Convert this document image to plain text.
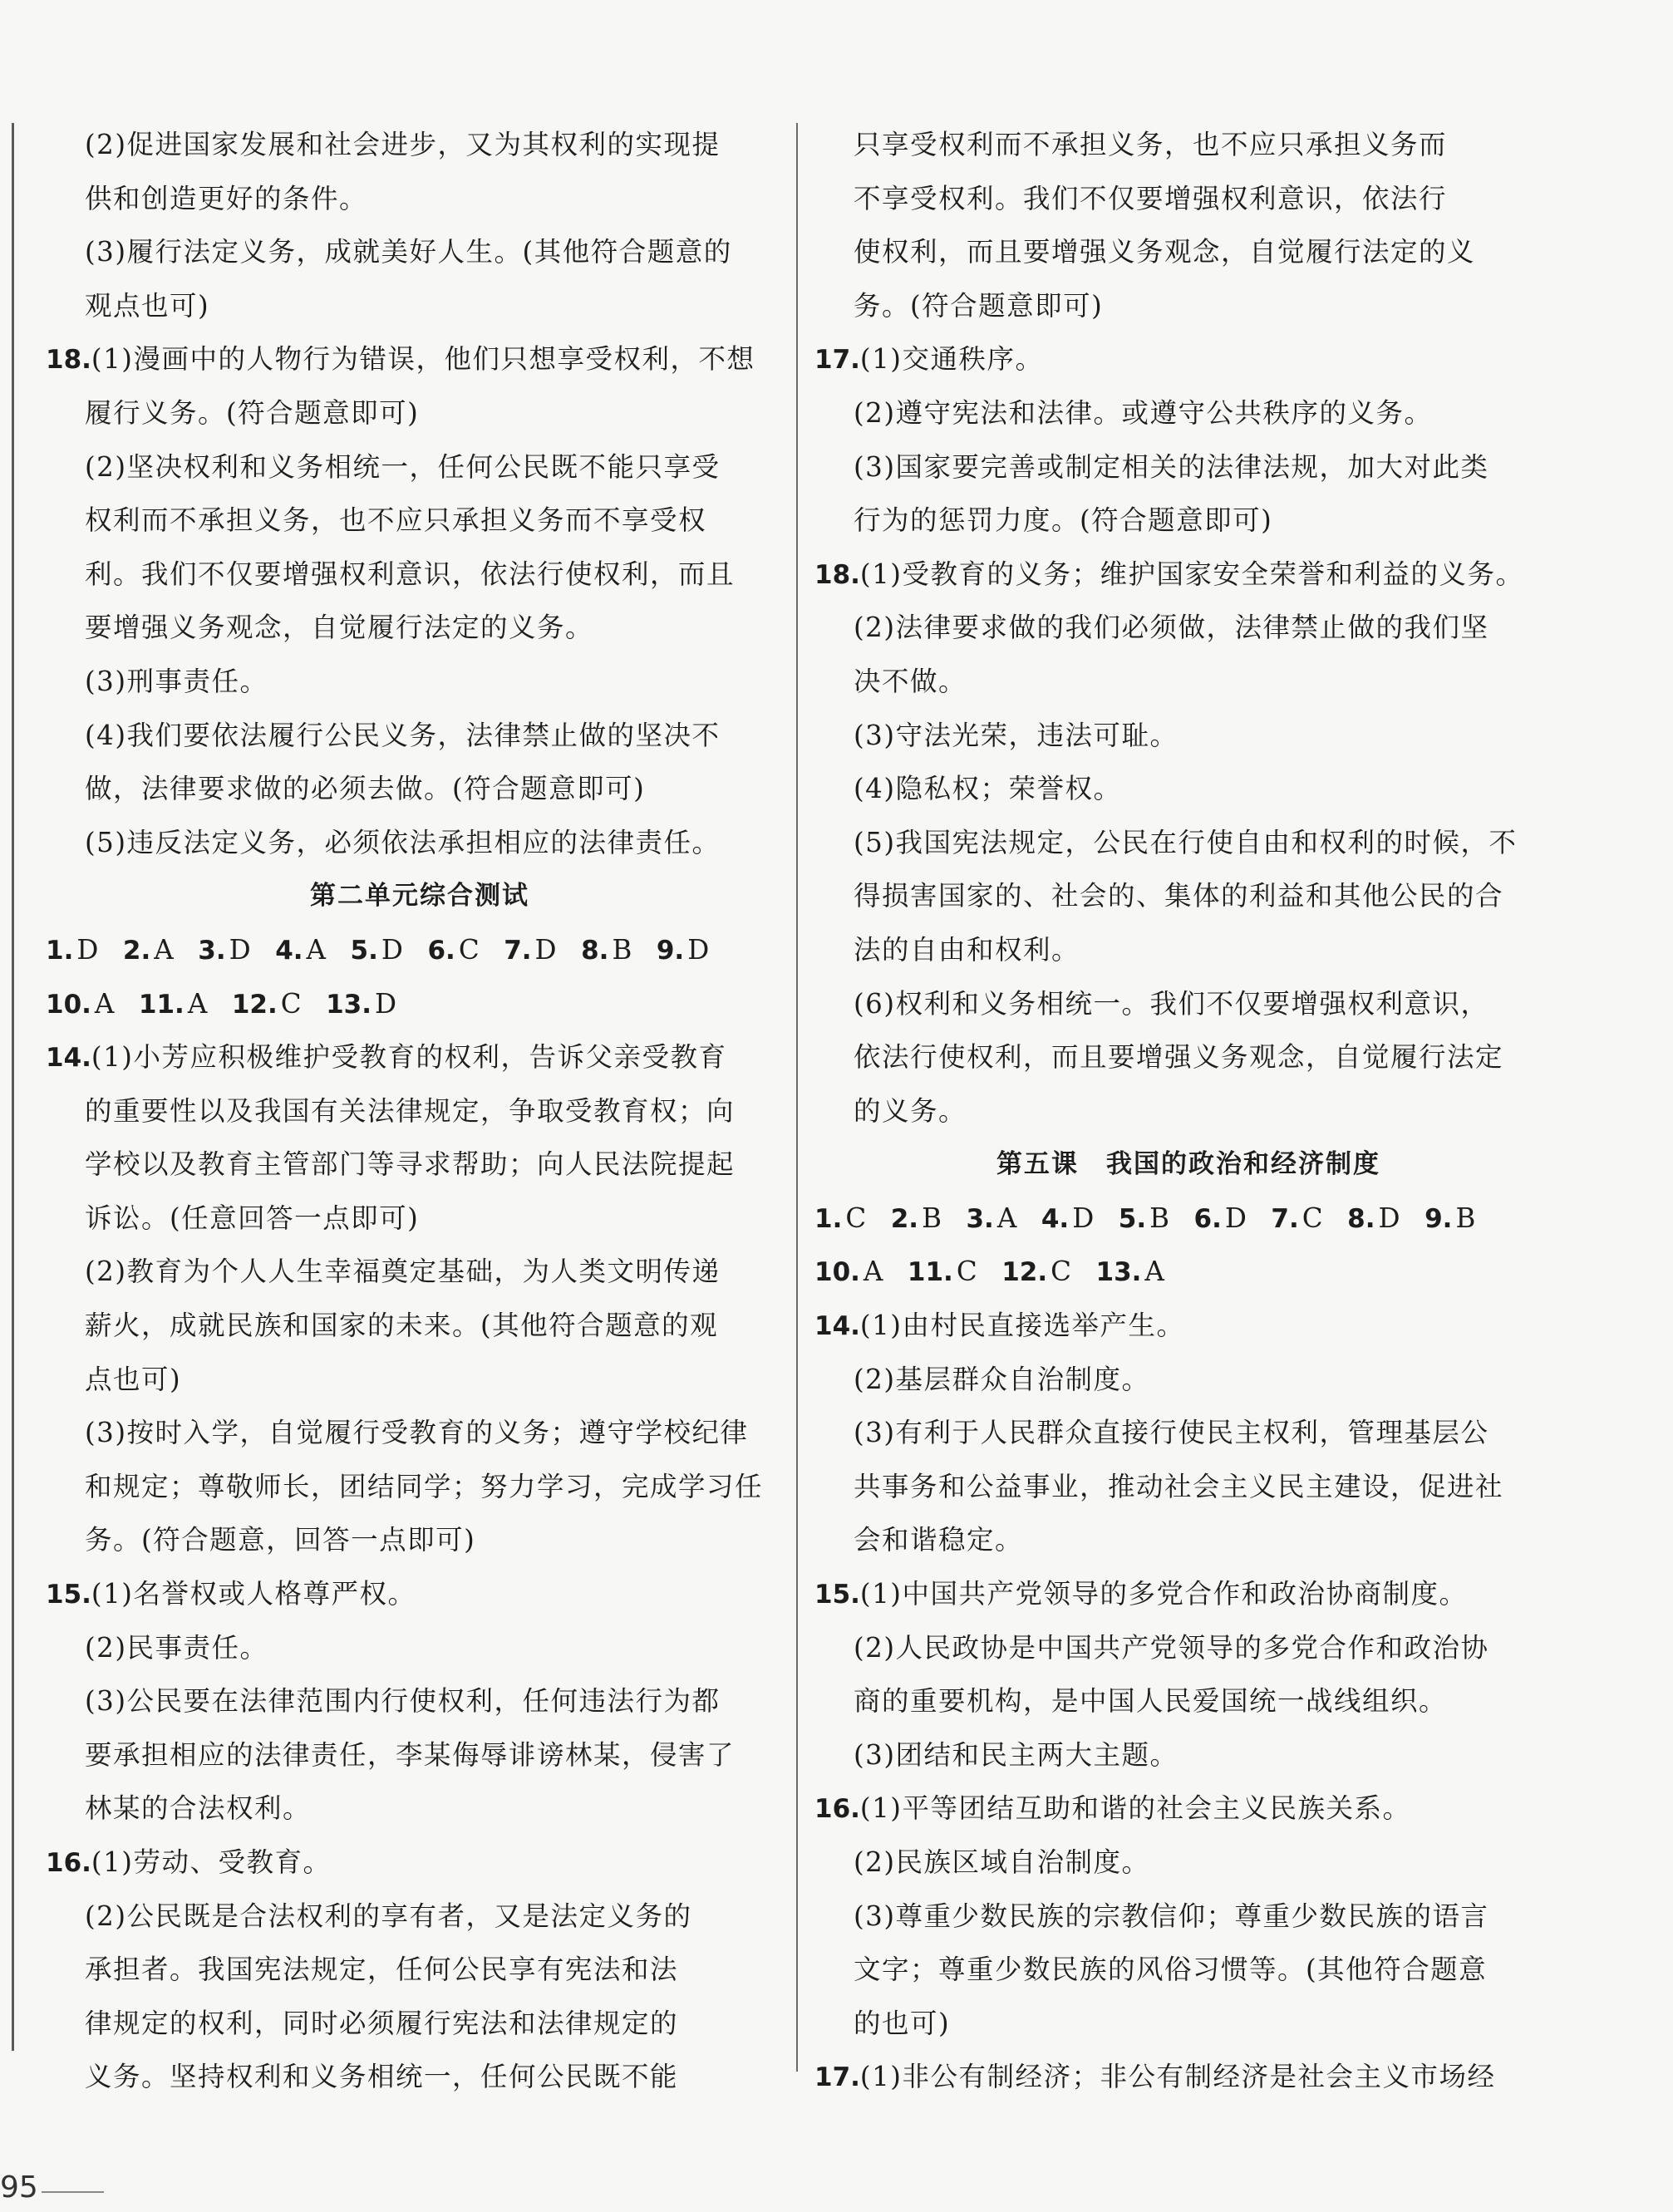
(2)促进国家发展和社会进步，又为其权利的实现提
供和创造更好的条件。
(3)履行法定义务，成就美好人生。(其他符合题意的
观点也可)
18.(1)漫画中的人物行为错误，他们只想享受权利，不想
履行义务。(符合题意即可)
(2)坚决权利和义务相统一，任何公民既不能只享受
权利而不承担义务，也不应只承担义务而不享受权
利。我们不仅要增强权利意识，依法行使权利，而且
要增强义务观念，自觉履行法定的义务。
(3)刑事责任。
(4)我们要依法履行公民义务，法律禁止做的坚决不
做，法律要求做的必须去做。(符合题意即可)
(5)违反法定义务，必须依法承担相应的法律责任。
第二单元综合测试
1. D 2. A 3. D 4. A 5. D 6. C 7. D 8. B 9. D
10. A 11. A 12. C 13. D
14.(1)小芳应积极维护受教育的权利，告诉父亲受教育
的重要性以及我国有关法律规定，争取受教育权；向
学校以及教育主管部门等寻求帮助；向人民法院提起
诉讼。(任意回答一点即可)
(2)教育为个人人生幸福奠定基础，为人类文明传递
薪火，成就民族和国家的未来。(其他符合题意的观
点也可)
(3)按时入学，自觉履行受教育的义务；遵守学校纪律
和规定；尊敬师长，团结同学；努力学习，完成学习任
务。(符合题意，回答一点即可)
15.(1)名誉权或人格尊严权。
(2)民事责任。
(3)公民要在法律范围内行使权利，任何违法行为都
要承担相应的法律责任，李某侮辱诽谤林某，侵害了
林某的合法权利。
16.(1)劳动、受教育。
(2)公民既是合法权利的享有者，又是法定义务的
承担者。我国宪法规定，任何公民享有宪法和法
律规定的权利，同时必须履行宪法和法律规定的
义务。坚持权利和义务相统一，任何公民既不能
只享受权利而不承担义务，也不应只承担义务而
不享受权利。我们不仅要增强权利意识，依法行
使权利，而且要增强义务观念，自觉履行法定的义
务。(符合题意即可)
17.(1)交通秩序。
(2)遵守宪法和法律。或遵守公共秩序的义务。
(3)国家要完善或制定相关的法律法规，加大对此类
行为的惩罚力度。(符合题意即可)
18.(1)受教育的义务；维护国家安全荣誉和利益的义务。
(2)法律要求做的我们必须做，法律禁止做的我们坚
决不做。
(3)守法光荣，违法可耻。
(4)隐私权；荣誉权。
(5)我国宪法规定，公民在行使自由和权利的时候，不
得损害国家的、社会的、集体的利益和其他公民的合
法的自由和权利。
(6)权利和义务相统一。我们不仅要增强权利意识，
依法行使权利，而且要增强义务观念，自觉履行法定
的义务。
第五课　我国的政治和经济制度
1. C 2. B 3. A 4. D 5. B 6. D 7. C 8. D 9. B
10. A 11. C 12. C 13. A
14.(1)由村民直接选举产生。
(2)基层群众自治制度。
(3)有利于人民群众直接行使民主权利，管理基层公
共事务和公益事业，推动社会主义民主建设，促进社
会和谐稳定。
15.(1)中国共产党领导的多党合作和政治协商制度。
(2)人民政协是中国共产党领导的多党合作和政治协
商的重要机构，是中国人民爱国统一战线组织。
(3)团结和民主两大主题。
16.(1)平等团结互助和谐的社会主义民族关系。
(2)民族区域自治制度。
(3)尊重少数民族的宗教信仰；尊重少数民族的语言
文字；尊重少数民族的风俗习惯等。(其他符合题意
的也可)
17.(1)非公有制经济；非公有制经济是社会主义市场经
95
